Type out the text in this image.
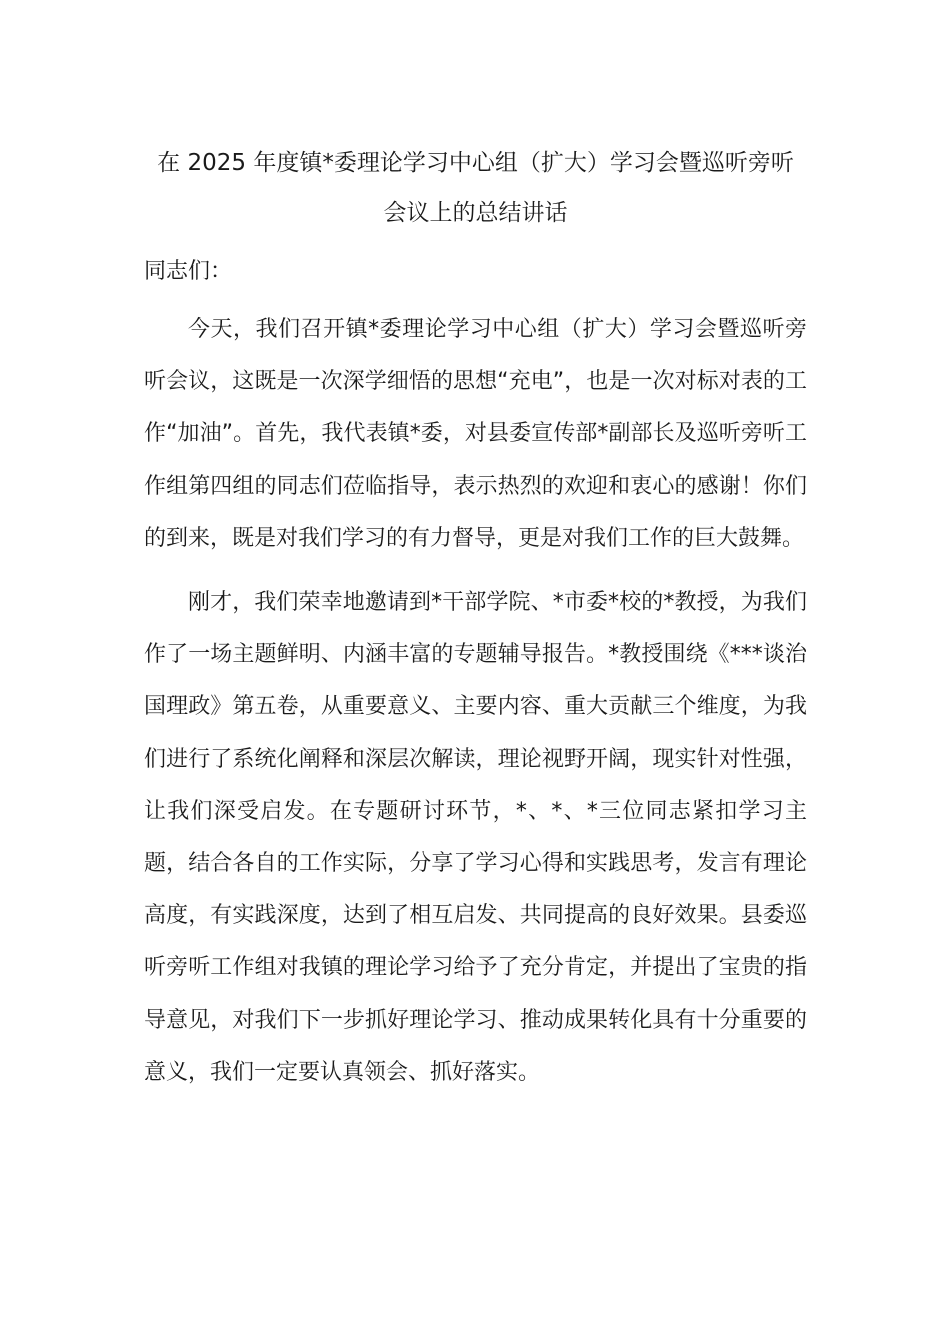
在 2025 年度镇*委理论学习中心组（扩大）学习会暨巡听旁听
会议上的总结讲话

同志们：

今天，我们召开镇*委理论学习中心组（扩大）学习会暨巡听旁听会议，这既是一次深学细悟的思想“充电”，也是一次对标对表的工作“加油”。首先，我代表镇*委，对县委宣传部*副部长及巡听旁听工作组第四组的同志们莅临指导，表示热烈的欢迎和衷心的感谢！你们的到来，既是对我们学习的有力督导，更是对我们工作的巨大鼓舞。

刚才，我们荣幸地邀请到*干部学院、*市委*校的*教授，为我们作了一场主题鲜明、内涵丰富的专题辅导报告。*教授围绕《***谈治国理政》第五卷，从重要意义、主要内容、重大贡献三个维度，为我们进行了系统化阐释和深层次解读，理论视野开阔，现实针对性强，让我们深受启发。在专题研讨环节，*、*、*三位同志紧扣学习主题，结合各自的工作实际，分享了学习心得和实践思考，发言有理论高度，有实践深度，达到了相互启发、共同提高的良好效果。县委巡听旁听工作组对我镇的理论学习给予了充分肯定，并提出了宝贵的指导意见，对我们下一步抓好理论学习、推动成果转化具有十分重要的意义，我们一定要认真领会、抓好落实。
